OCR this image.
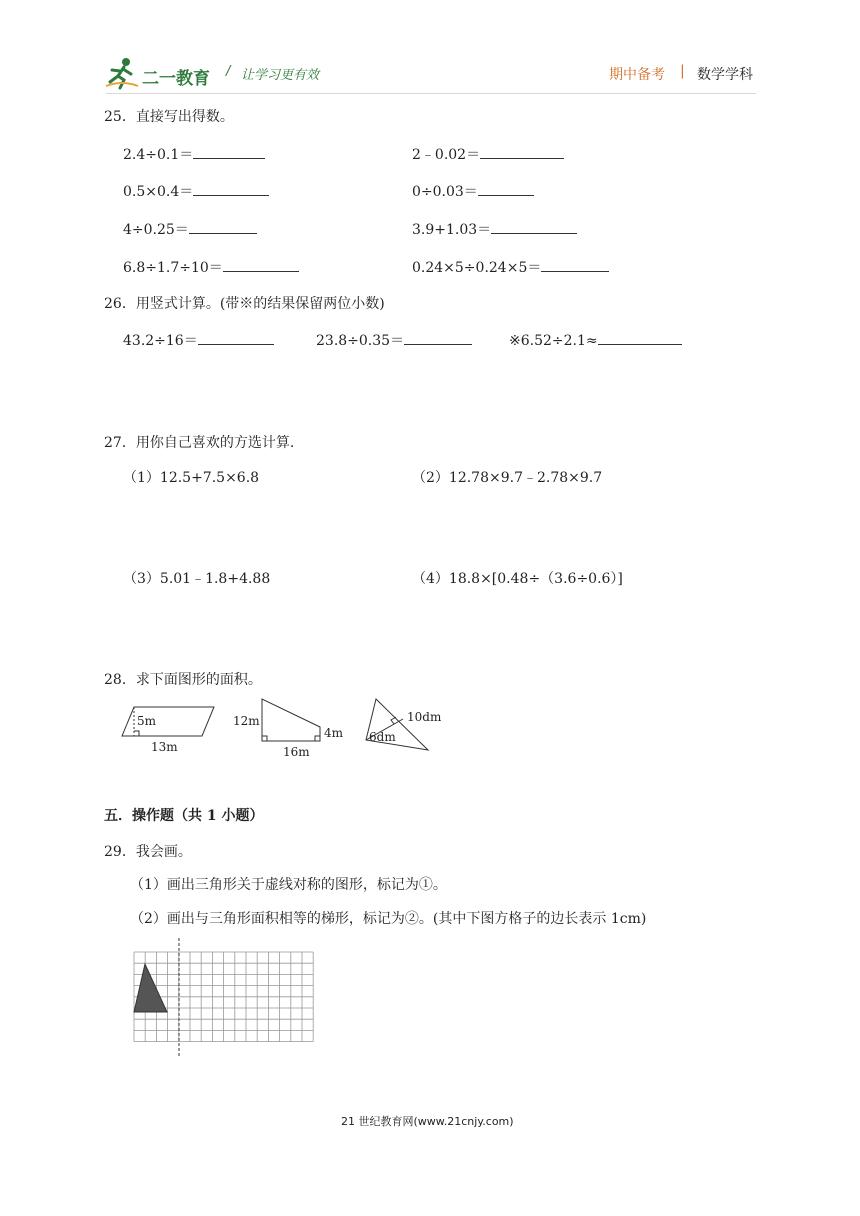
二一教育 / 让学习更有效	期中备考 | 数学学科
25．直接写出得数。
2.4÷0.1＝	2﹣0.02＝
0.5×0.4＝	0÷0.03＝
4÷0.25＝	3.9+1.03＝
6.8÷1.7÷10＝	0.24×5÷0.24×5＝
26．用竖式计算。(带※的结果保留两位小数)
43.2÷16＝	23.8÷0.35＝	※6.52÷2.1≈
27．用你自己喜欢的方选计算.
（1）12.5+7.5×6.8	（2）12.78×9.7﹣2.78×9.7
（3）5.01﹣1.8+4.88	（4）18.8×[0.48÷（3.6÷0.6）]
28．求下面图形的面积。
5m
13m
12m
4m
16m
10dm
6dm
五．操作题（共 1 小题）
29．我会画。
（1）画出三角形关于虚线对称的图形，标记为①。
（2）画出与三角形面积相等的梯形，标记为②。(其中下图方格子的边长表示 1cm)
21 世纪教育网(www.21cnjy.com)
